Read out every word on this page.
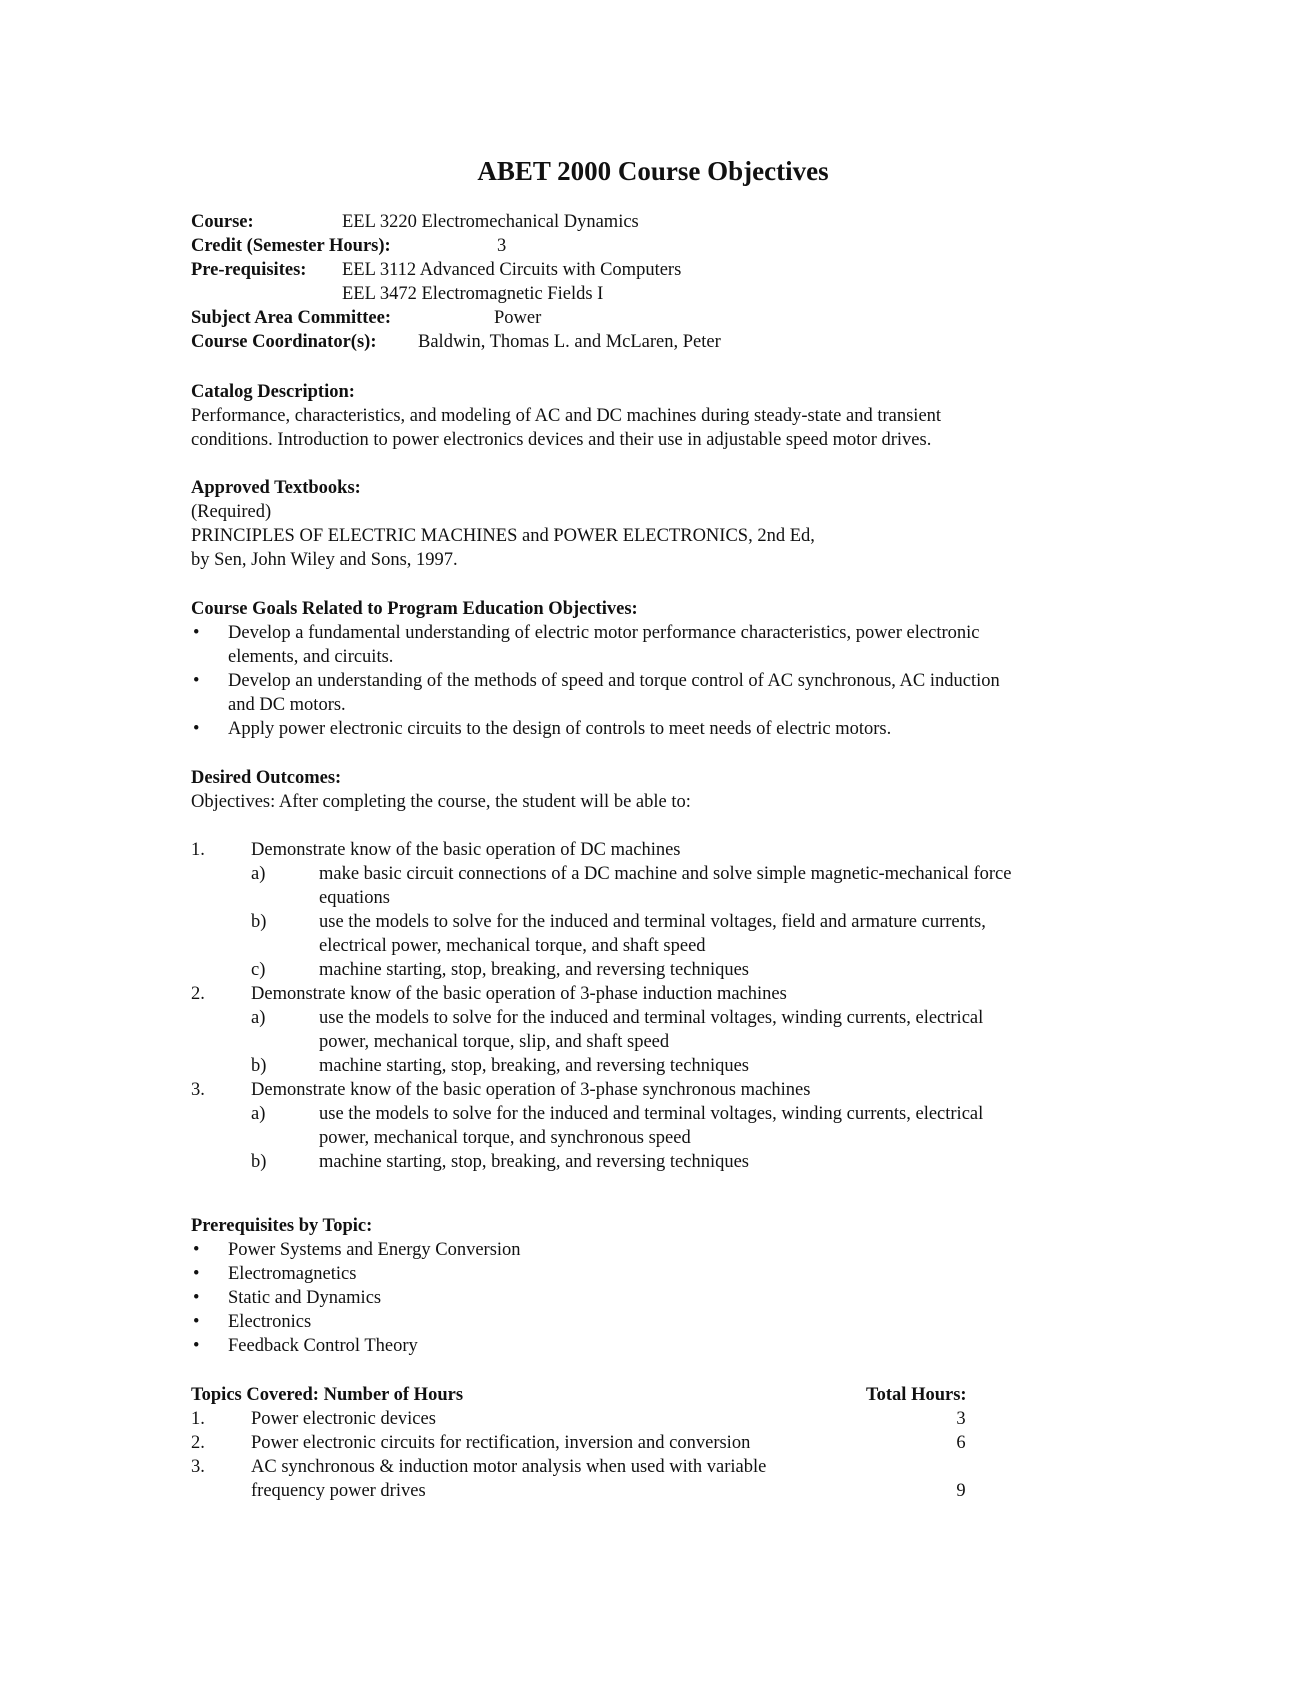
ABET 2000 Course Objectives
Course:	EEL 3220 Electromechanical Dynamics
Credit (Semester Hours):	3
Pre-requisites: EEL 3112 Advanced Circuits with Computers
EEL 3472 Electromagnetic Fields I
Subject Area Committee:	Power
Course Coordinator(s): Baldwin, Thomas L. and McLaren, Peter
Catalog Description:
Performance, characteristics, and modeling of AC and DC machines during steady-state and transient
conditions. Introduction to power electronics devices and their use in adjustable speed motor drives.
Approved Textbooks:
(Required)
PRINCIPLES OF ELECTRIC MACHINES and POWER ELECTRONICS, 2nd Ed,
by Sen, John Wiley and Sons, 1997.
Course Goals Related to Program Education Objectives:
• Develop a fundamental understanding of electric motor performance characteristics, power electronic
elements, and circuits.
• Develop an understanding of the methods of speed and torque control of AC synchronous, AC induction
and DC motors.
• Apply power electronic circuits to the design of controls to meet needs of electric motors.
Desired Outcomes:
Objectives: After completing the course, the student will be able to:
1. Demonstrate know of the basic operation of DC machines
a)	make basic circuit connections of a DC machine and solve simple magnetic-mechanical force
equations
b)	use the models to solve for the induced and terminal voltages, field and armature currents,
electrical power, mechanical torque, and shaft speed
c)	machine starting, stop, breaking, and reversing techniques
2. Demonstrate know of the basic operation of 3-phase induction machines
a)	use the models to solve for the induced and terminal voltages, winding currents, electrical
power, mechanical torque, slip, and shaft speed
b)	machine starting, stop, breaking, and reversing techniques
3. Demonstrate know of the basic operation of 3-phase synchronous machines
a)	use the models to solve for the induced and terminal voltages, winding currents, electrical
power, mechanical torque, and synchronous speed
b)	machine starting, stop, breaking, and reversing techniques
Prerequisites by Topic:
• Power Systems and Energy Conversion
• Electromagnetics
• Static and Dynamics
• Electronics
• Feedback Control Theory
Topics Covered: Number of Hours	Total Hours:
1. Power electronic devices	3
2. Power electronic circuits for rectification, inversion and conversion	6
3. AC synchronous & induction motor analysis when used with variable
frequency power drives	9
